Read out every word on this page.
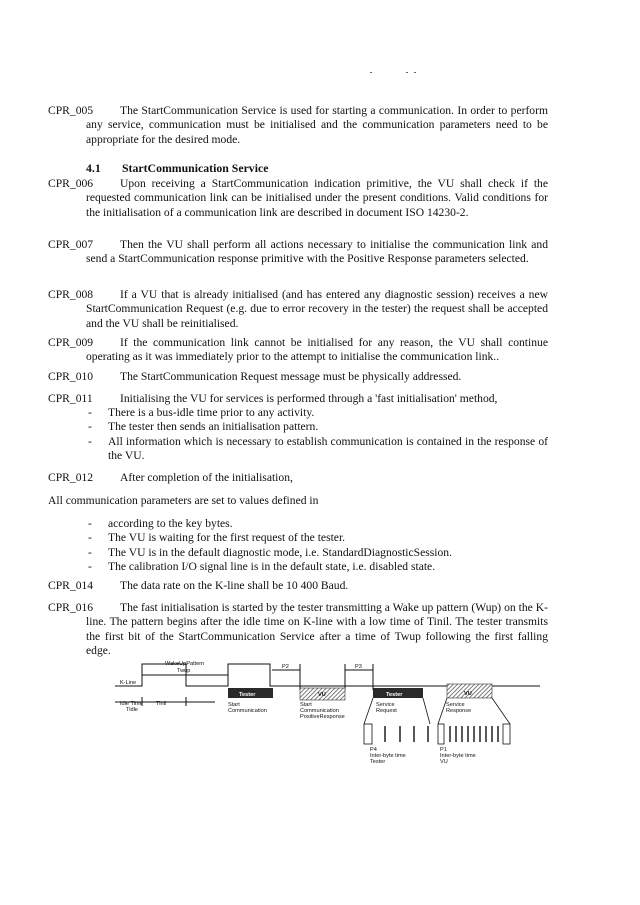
CPR_005 The StartCommunication Service is used for starting a communication. In order to perform any service, communication must be initialised and the communication parameters need to be appropriate for the desired mode.
4.1 StartCommunication Service
CPR_006 Upon receiving a StartCommunication indication primitive, the VU shall check if the requested communication link can be initialised under the present conditions. Valid conditions for the initialisation of a communication link are described in document ISO 14230-2.
CPR_007 Then the VU shall perform all actions necessary to initialise the communication link and send a StartCommunication response primitive with the Positive Response parameters selected.
CPR_008 If a VU that is already initialised (and has entered any diagnostic session) receives a new StartCommunication Request (e.g. due to error recovery in the tester) the request shall be accepted and the VU shall be reinitialised.
CPR_009 If the communication link cannot be initialised for any reason, the VU shall continue operating as it was immediately prior to the attempt to initialise the communication link..
CPR_010 The StartCommunication Request message must be physically addressed.
CPR_011 Initialising the VU for services is performed through a 'fast initialisation' method,
- There is a bus-idle time prior to any activity.
- The tester then sends an initialisation pattern.
- All information which is necessary to establish communication is contained in the response of the VU.
CPR_012 After completion of the initialisation,
All communication parameters are set to values defined in
- according to the key bytes.
- The VU is waiting for the first request of the tester.
- The VU is in the default diagnostic mode, i.e. StandardDiagnosticSession.
- The calibration I/O signal line is in the default state, i.e. disabled state.
CPR_014 The data rate on the K-line shall be 10 400 Baud.
CPR_016 The fast initialisation is started by the tester transmitting a Wake up pattern (Wup) on the K-line. The pattern begins after the idle time on K-line with a low time of Tinil. The tester transmits the first bit of the StartCommunication Service after a time of Twup following the first falling edge.
WakeUpPattern
Twup
P2	P3
K-Line
Idle Time
Tidle
Tinil
Tester	VU	Tester	VU
Start
Communication
Start
Communication
PositiveResponse
Service
Request
Service
Response
P4
Inter-byte time
Tester
P1
Inter-byte time
VU
